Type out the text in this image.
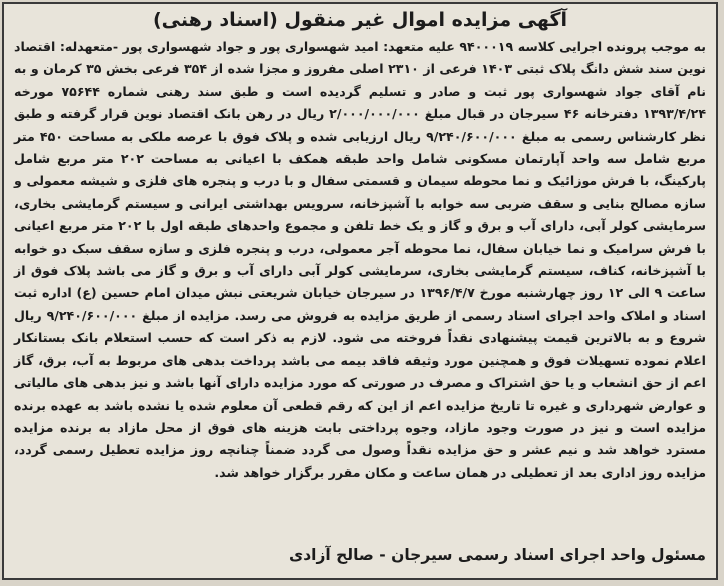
آگهی مزایده اموال غیر منقول (اسناد رهنی)
به موجب پرونده اجرایی کلاسه ۹۴۰۰۰۱۹ علیه متعهد: امید شهسواری پور و جواد شهسواری پور -متعهدله: اقتصاد نوین سند شش دانگ پلاک ثبتی ۱۴۰۳ فرعی از ۲۳۱۰ اصلی مفروز و مجزا شده از ۳۵۴ فرعی بخش ۳۵ کرمان و به نام آقای جواد شهسواری پور ثبت و صادر و تسلیم گردیده است و طبق سند رهنی شماره ۷۵۶۴۴ مورخه ۱۳۹۳/۴/۲۴ دفترخانه ۴۶ سیرجان در قبال مبلغ ۲/۰۰۰/۰۰۰/۰۰۰ ریال در رهن بانک اقتصاد نوین قرار گرفته و طبق نظر کارشناس رسمی به مبلغ ۹/۲۴۰/۶۰۰/۰۰۰ ریال ارزیابی شده و پلاک فوق با عرصه ملکی به مساحت ۴۵۰ متر مربع شامل سه واحد آپارتمان مسکونی شامل واحد طبقه همکف با اعیانی به مساحت ۲۰۲ متر مربع شامل پارکینگ، با فرش موزائیک و نما محوطه سیمان و قسمتی سفال و با درب و پنجره های فلزی و شیشه معمولی و سازه مصالح بنایی و سقف ضربی سه خوابه با آشپزخانه، سرویس بهداشتی ایرانی و سیستم گرمایشی بخاری، سرمایشی کولر آبی، دارای آب و برق و گاز و یک خط تلفن و مجموع واحدهای طبقه اول با ۲۰۲ متر مربع اعیانی با فرش سرامیک و نما خیابان سفال، نما محوطه آجر معمولی، درب و پنجره فلزی و سازه سقف سبک دو خوابه با آشپزخانه، کناف، سیستم گرمایشی بخاری، سرمایشی کولر آبی دارای آب و برق و گاز می باشد پلاک فوق از ساعت ۹ الی ۱۲ روز چهارشنبه مورخ ۱۳۹۶/۴/۷ در سیرجان خیابان شریعتی نبش میدان امام حسین (ع) اداره ثبت اسناد و املاک واحد اجرای اسناد رسمی از طریق مزایده به فروش می رسد. مزایده از مبلغ ۹/۲۴۰/۶۰۰/۰۰۰ ریال شروع و به بالاترین قیمت پیشنهادی نقداً فروخته می شود. لازم به ذکر است که حسب استعلام بانک بستانکار اعلام نموده تسهیلات فوق و همچنین مورد وثیقه فاقد بیمه می باشد پرداخت بدهی های مربوط به آب، برق، گاز اعم از حق انشعاب و یا حق اشتراک و مصرف در صورتی که مورد مزایده دارای آنها باشد و نیز بدهی های مالیاتی و عوارض شهرداری و غیره تا تاریخ مزایده اعم از این که رقم قطعی آن معلوم شده یا نشده باشد به عهده برنده مزایده است و نیز در صورت وجود مازاد، وجوه پرداختی بابت هزینه های فوق از محل مازاد به برنده مزایده مسترد خواهد شد و نیم عشر و حق مزایده نقداً وصول می گردد ضمناً چنانچه روز مزایده تعطیل رسمی گردد، مزایده روز اداری بعد از تعطیلی در همان ساعت و مکان مقرر برگزار خواهد شد.
مسئول واحد اجرای اسناد رسمی سیرجان - صالح آزادی
